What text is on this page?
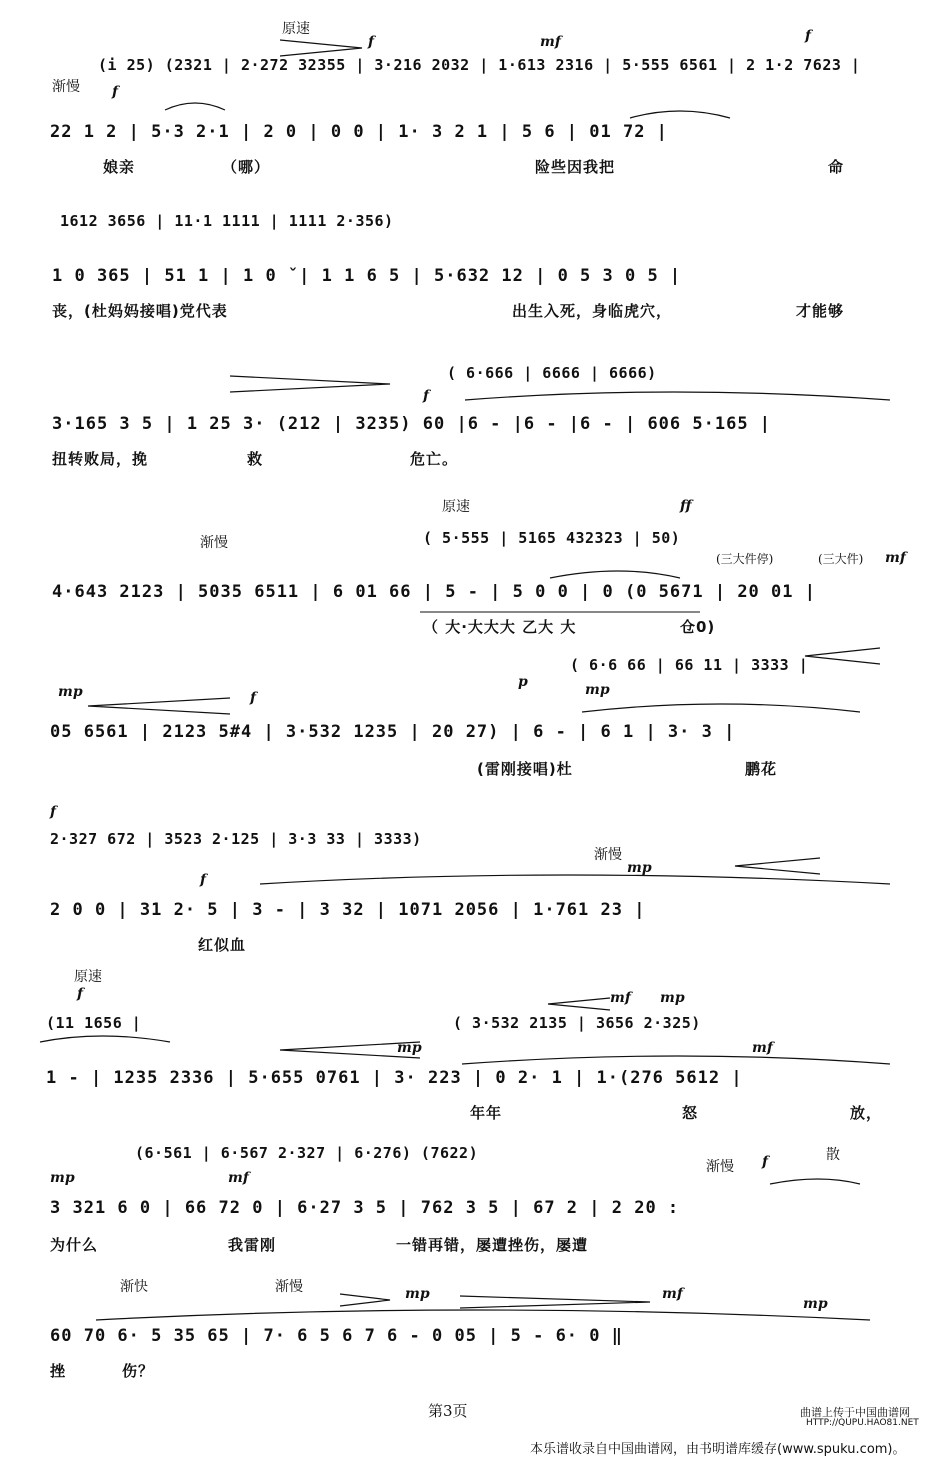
(i 25) (2321 | 2·272 32355 | 3·216 2032 | 1·613 2316 | 5·555 6561 | 2 1·2 7623 |
22 1 2 | 5·3 2·1 | 2 0 | 0 0 | 1· 3 2 1 | 5 6 | 01 72 |
娘亲	（哪）	险些因我把	命
原速
f	mf	f
渐慢 f
1612 3656 | 11·1 1111 | 1111 2·356)
1 0 365 | 51 1 | 1 0 ˇ| 1 1 6 5 | 5·632 12 | 0 5 3 0 5 |
丧，(杜妈妈接唱)党代表	出生入死，身临虎穴，	才能够
( 6·666 | 6666 | 6666)
3·165 3 5 | 1 25 3· (212 | 3235) 60 |6 - |6 - |6 - | 606 5·165 |
扭转败局，挽	救	危亡。
f
( 5·555 | 5165 432323 | 50)
4·643 2123 | 5035 6511 | 6 01 66 | 5 - | 5 0 0 | 0 (0 5671 | 20 01 |
（ 大·大大大 乙大 大	仓0)
原速	ff
渐慢
(三大件停)	(三大件) mf
( 6·6 66 | 66 11 | 3333 |
05 6561 | 2123 5#4 | 3·532 1235 | 20 27) | 6 - | 6 1 | 3· 3 |
(雷刚接唱)杜	鹏花
p	mp
mp	f
2·327 672 | 3523 2·125 | 3·3 33 | 3333)
2 0 0 | 31 2· 5 | 3 - | 3 32 | 1071 2056 | 1·761 23 |
红似血
f
渐慢
mp
f
(11 1656 |	( 3·532 2135 | 3656 2·325)
1 - | 1235 2336 | 5·655 0761 | 3· 223 | 0 2· 1 | 1·(276 5612 |
年年	怒	放，
原速
f	mf mp
mp	mf
(6·561 | 6·567 2·327 | 6·276) (7622)
3 321 6 0 | 66 72 0 | 6·27 3 5 | 762 3 5 | 67 2 | 2 20 :
为什么	我雷刚	一错再错，屡遭挫伤，屡遭
散
渐慢 f
mp	mf
60 70 6· 5 35 65 | 7· 6 5 6 7 6 - 0 05 | 5 - 6· 0 ‖
挫	伤？
渐快	渐慢	mp	mf
mp
第3页	曲谱上传于中国曲谱网
HTTP://QUPU.HAO81.NET
本乐谱收录自中国曲谱网，由书明谱库缓存(www.spuku.com)。
